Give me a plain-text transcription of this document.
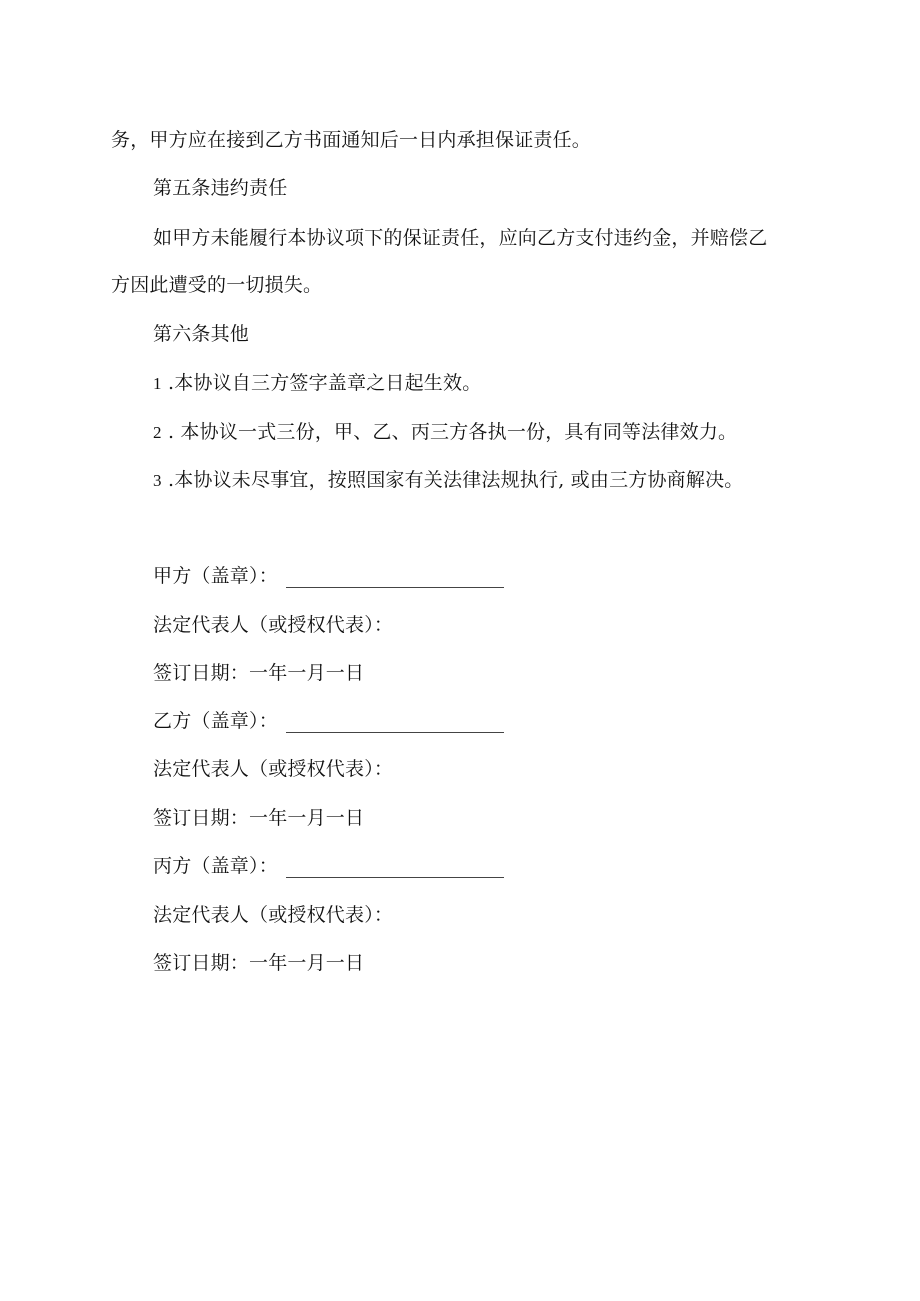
务，甲方应在接到乙方书面通知后一日内承担保证责任。
第五条违约责任
如甲方未能履行本协议项下的保证责任，应向乙方支付违约金，并赔偿乙
方因此遭受的一切损失。
第六条其他
1 .本协议自三方签字盖章之日起生效。
2 . 本协议一式三份，甲、乙、丙三方各执一份，具有同等法律效力。
3 .本协议未尽事宜，按照国家有关法律法规执行, 或由三方协商解决。
甲方（盖章）：
法定代表人（或授权代表）：
签订日期：一年一月一日
乙方（盖章）：
法定代表人（或授权代表）：
签订日期：一年一月一日
丙方（盖章）：
法定代表人（或授权代表）：
签订日期：一年一月一日
